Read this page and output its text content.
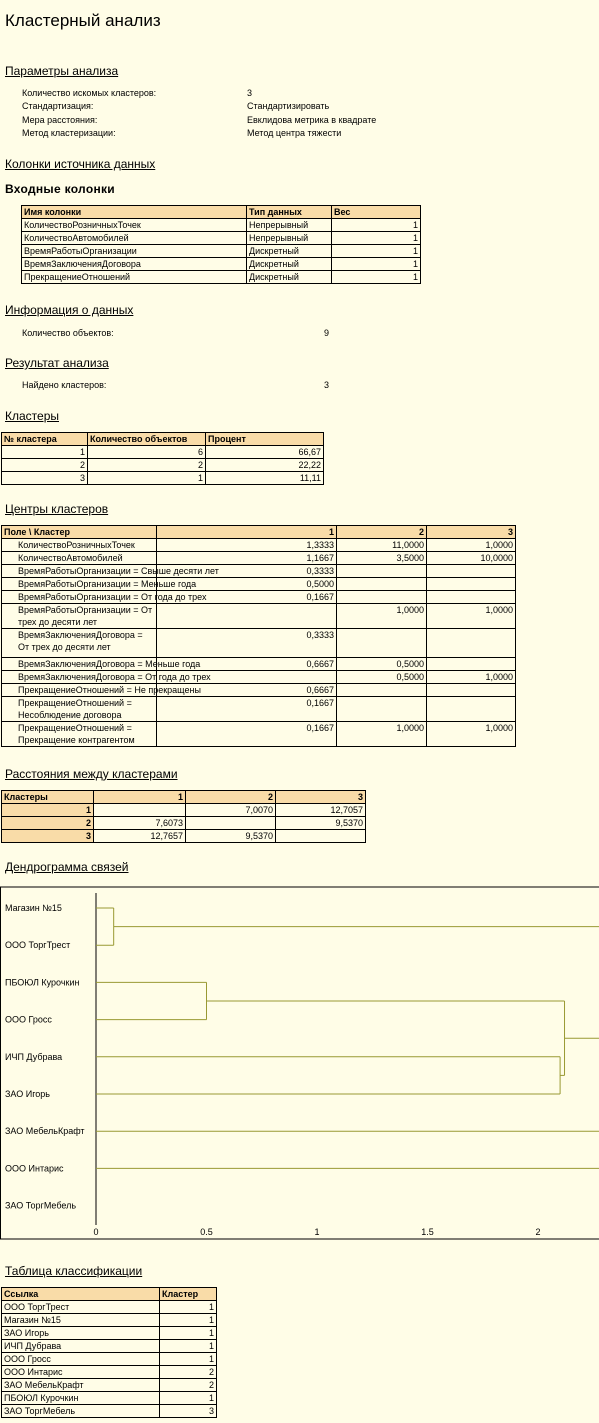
Кластерный анализ
Параметры анализа
Количество искомых кластеров:	3
Стандартизация:	Стандартизировать
Мера расстояния:	Евклидова метрика в квадрате
Метод кластеризации:	Метод центра тяжести
Колонки источника данных
Входные колонки
Имя колонки	Тип данных	Вес
КоличествоРозничныхТочек	Непрерывный	1
КоличествоАвтомобилей	Непрерывный	1
ВремяРаботыОрганизации	Дискретный	1
ВремяЗаключенияДоговора	Дискретный	1
ПрекращениеОтношений	Дискретный	1
Информация о данных
Количество объектов:	9
Результат анализа
Найдено кластеров:	3
Кластеры
№ кластера	Количество объектов	Процент
1	6	66,67
2	2	22,22
3	1	11,11
Центры кластеров
Поле \ Кластер	1	2	3
КоличествоРозничныхТочек	1,3333	11,0000	1,0000
КоличествоАвтомобилей	1,1667	3,5000	10,0000
ВремяРаботыОрганизации = Свыше десяти лет	0,3333		
ВремяРаботыОрганизации = Меньше года	0,5000		
ВремяРаботыОрганизации = От года до трех	0,1667		
ВремяРаботыОрганизации = От трех до десяти лет		1,0000	1,0000
ВремяЗаключенияДоговора = От трех до десяти лет	0,3333		
ВремяЗаключенияДоговора = Меньше года	0,6667	0,5000	
ВремяЗаключенияДоговора = От года до трех		0,5000	1,0000
ПрекращениеОтношений = Не прекращены	0,6667		
ПрекращениеОтношений = Несоблюдение договора	0,1667		
ПрекращениеОтношений = Прекращение контрагентом	0,1667	1,0000	1,0000
Расстояния между кластерами
Кластеры	1	2	3
1		7,0070	12,7057
2	7,6073		9,5370
3	12,7657	9,5370	
Дендрограмма связей
Магазин №15
ООО ТоргТрест
ПБОЮЛ Курочкин
ООО Гросс
ИЧП Дубрава
ЗАО Игорь
ЗАО МебельКрафт
ООО Интарис
ЗАО ТоргМебель
0	0.5	1	1.5	2
Таблица классификации
Ссылка	Кластер
ООО ТоргТрест	1
Магазин №15	1
ЗАО Игорь	1
ИЧП Дубрава	1
ООО Гросс	1
ООО Интарис	2
ЗАО МебельКрафт	2
ПБОЮЛ Курочкин	1
ЗАО ТоргМебель	3
